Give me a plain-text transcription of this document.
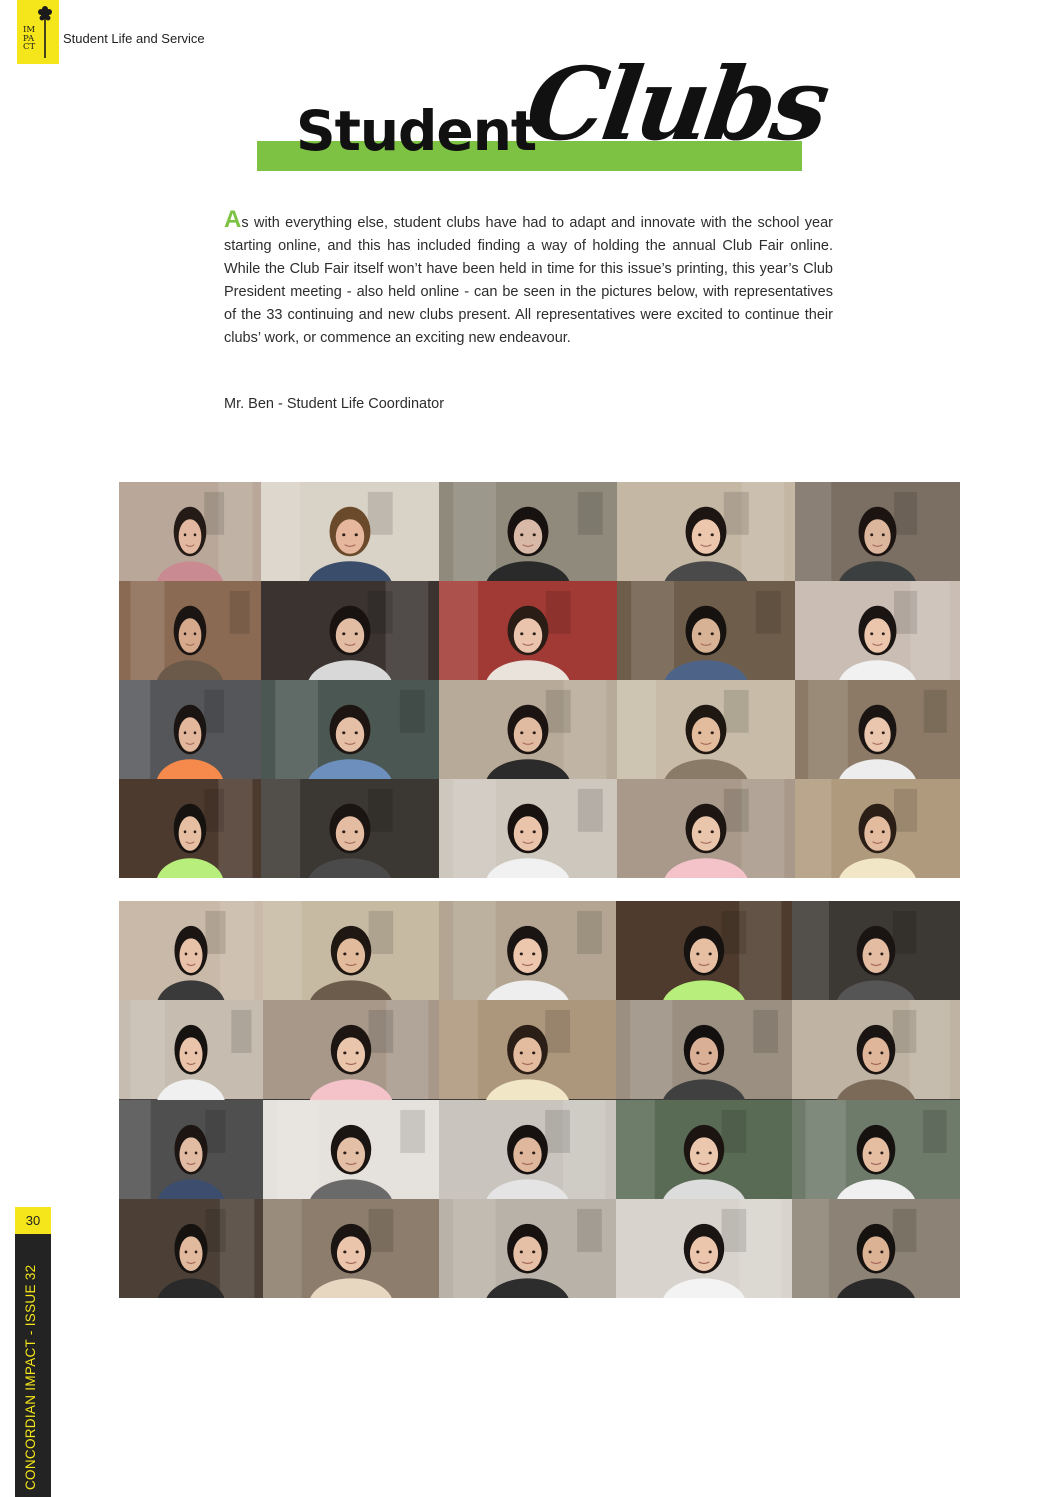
IMPACT
Student Life and Service
Student
Clubs
As with everything else, student clubs have had to adapt and innovate with the school year starting online, and this has included finding a way of holding the annual Club Fair online. While the Club Fair itself won’t have been held in time for this issue’s printing, this year’s Club President meeting - also held online - can be seen in the pictures below, with representatives of the 33 continuing and new clubs present. All representatives were excited to continue their clubs’ work, or commence an exciting new endeavour.
Mr. Ben - Student Life Coordinator
30
CONCORDIAN IMPACT - ISSUE 32
